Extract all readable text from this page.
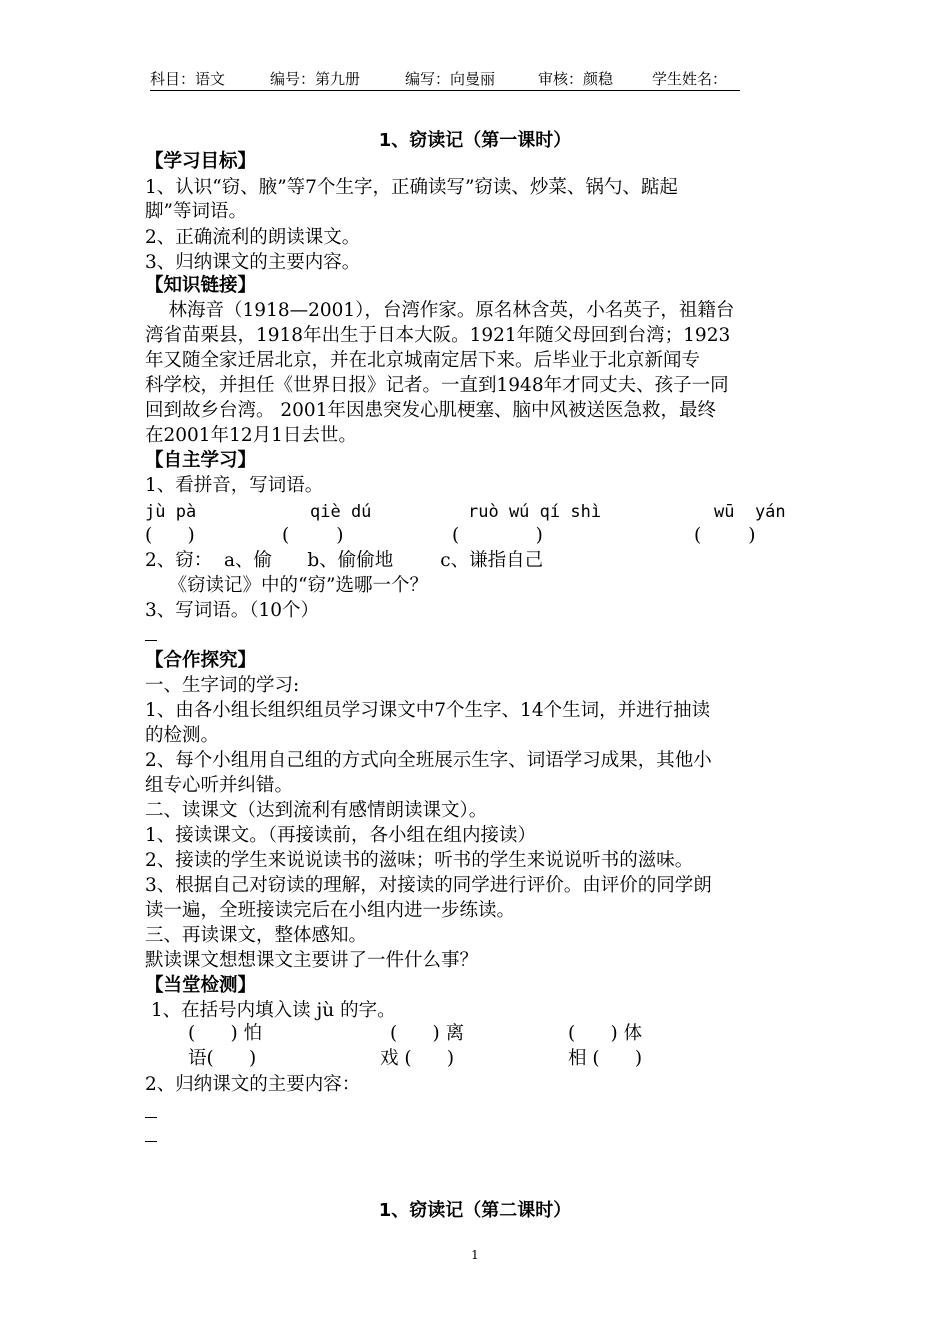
科目：语文

	编号：第九册

	编写：向曼丽

	审核：颜稳

	学生姓名：

1、窃读记（第一课时）
【学习目标】
1、认识“窃、腋”等7个生字，正确读写”窃读、炒菜、锅勺、踮起
脚”等词语。
2、正确流利的朗读课文。
3、归纳课文的主要内容。
【知识链接】
林海音（1918—2001），台湾作家。原名林含英，小名英子，祖籍台
湾省苗栗县，1918年出生于日本大阪。1921年随父母回到台湾；1923
年又随全家迁居北京，并在北京城南定居下来。后毕业于北京新闻专
科学校，并担任《世界日报》记者。一直到1948年才同丈夫、孩子一同
回到故乡台湾。 2001年因患突发心肌梗塞、脑中风被送医急救，最终
在2001年12月1日去世。
【自主学习】
1、看拼音，写词语。
jù pà	qiè dú	ruò wú qí shì	wū  yán
(      )	(        )	(             )	(        )
2、窃：  a、偷      b、偷偷地        c、谦指自己
《窃读记》中的“窃”选哪一个？
3、写词语。（10个）
【合作探究】
一、生字词的学习:
1、由各小组长组织组员学习课文中7个生字、14个生词，并进行抽读
的检测。
2、每个小组用自己组的方式向全班展示生字、词语学习成果，其他小
组专心听并纠错。
二、读课文（达到流利有感情朗读课文）。
1、接读课文。（再接读前，各小组在组内接读）
2、接读的学生来说说读书的滋味；听书的学生来说说听书的滋味。
3、根据自己对窃读的理解，对接读的同学进行评价。由评价的同学朗
读一遍，全班接读完后在小组内进一步练读。
三、再读课文，整体感知。
默读课文想想课文主要讲了一件什么事？
【当堂检测】
1、在括号内填入读 jù 的字。
(      ) 怕	(      ) 离	(      ) 体
语(      )	戏 (      )	相 (      )
2、归纳课文的主要内容：
1、窃读记（第二课时）
1
